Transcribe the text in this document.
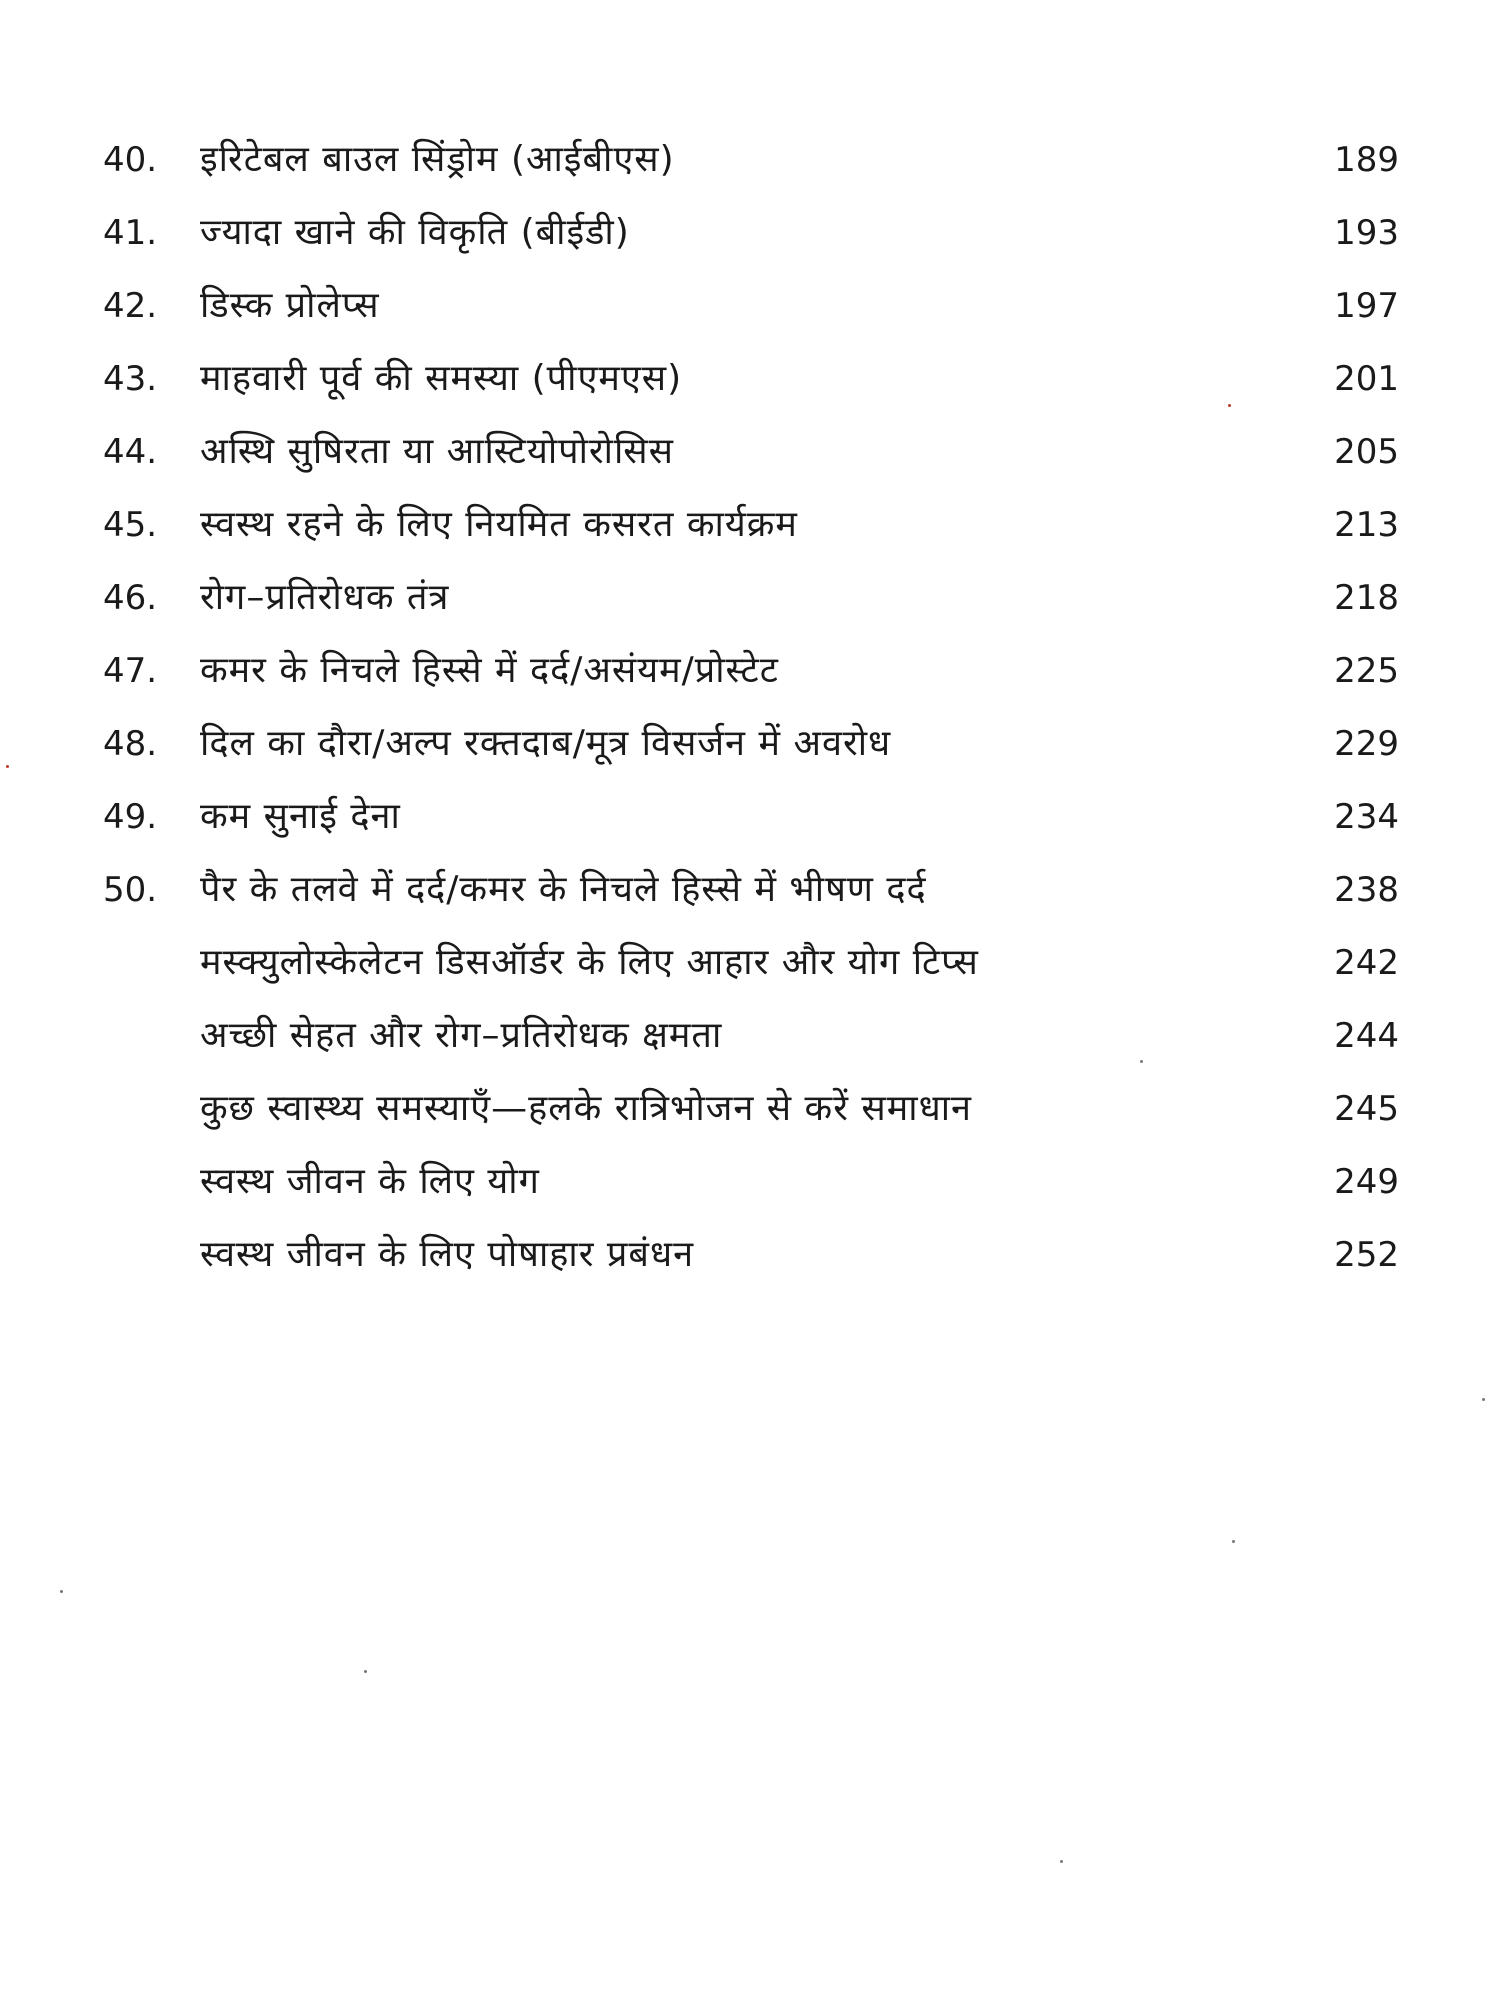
40.	इरिटेबल बाउल सिंड्रोम (आईबीएस)	189
41.	ज्यादा खाने की विकृति (बीईडी)	193
42.	डिस्क प्रोलेप्स	197
43.	माहवारी पूर्व की समस्या (पीएमएस)	201
44.	अस्थि सुषिरता या आस्टियोपोरोसिस	205
45.	स्वस्थ रहने के लिए नियमित कसरत कार्यक्रम	213
46.	रोग–प्रतिरोधक तंत्र	218
47.	कमर के निचले हिस्से में दर्द/असंयम/प्रोस्टेट	225
48.	दिल का दौरा/अल्प रक्तदाब/मूत्र विसर्जन में अवरोध	229
49.	कम सुनाई देना	234
50.	पैर के तलवे में दर्द/कमर के निचले हिस्से में भीषण दर्द	238
मस्क्युलोस्केलेटन डिसऑर्डर के लिए आहार और योग टिप्स	242
अच्छी सेहत और रोग–प्रतिरोधक क्षमता	244
कुछ स्वास्थ्य समस्याएँ—हलके रात्रिभोजन से करें समाधान	245
स्वस्थ जीवन के लिए योग	249
स्वस्थ जीवन के लिए पोषाहार प्रबंधन	252
